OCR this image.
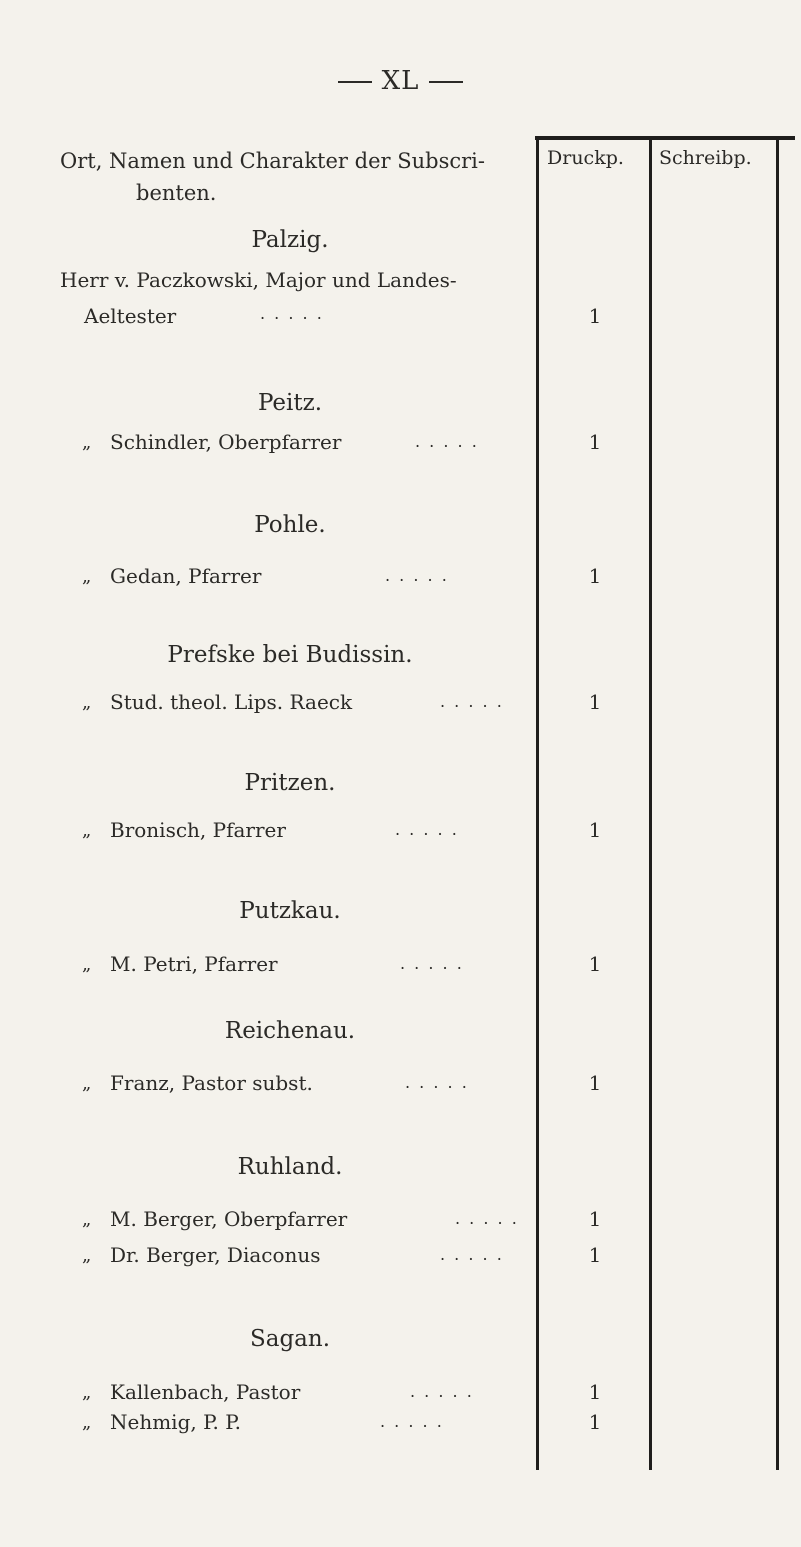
XL
Ort, Namen und Charakter der Subscri-
benten.
Druckp. Schreibp.
Palzig.
Herr v. Paczkowski, Major und Landes-
Aeltester	. . . . .	1
Peitz.
„ Schindler, Oberpfarrer	. . . . .	1
Pohle.
„ Gedan, Pfarrer	. . . . .	1
Prefske bei Budissin.
„ Stud. theol. Lips. Raeck	. . . . .	1
Pritzen.
„ Bronisch, Pfarrer	. . . . .	1
Putzkau.
„ M. Petri, Pfarrer	. . . . .	1
Reichenau.
„ Franz, Pastor subst.	. . . . .	1
Ruhland.
„ M. Berger, Oberpfarrer	. . . . .	1
„ Dr. Berger, Diaconus	. . . . .	1
Sagan.
„ Kallenbach, Pastor	. . . . .	1
„ Nehmig, P. P.	. . . . .	1
